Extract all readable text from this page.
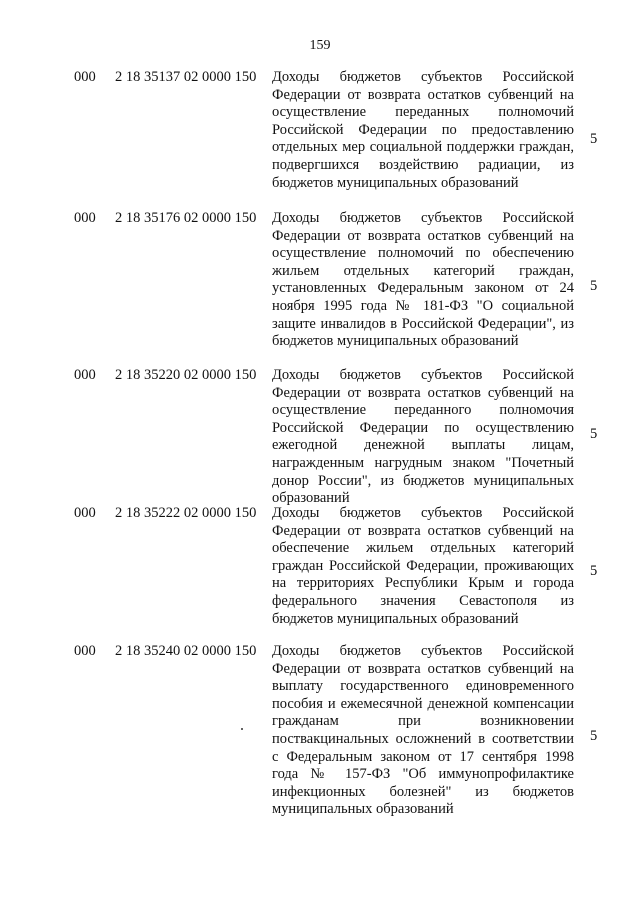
159
000 2 18 35137 02 0000 150 Доходы бюджетов субъектов Российской Федерации от возврата остатков субвенций на осуществление переданных полномочий Российской Федерации по предоставлению отдельных мер социальной поддержки граждан, подвергшихся воздействию радиации, из бюджетов муниципальных образований
5
000 2 18 35176 02 0000 150 Доходы бюджетов субъектов Российской Федерации от возврата остатков субвенций на осуществление полномочий по обеспечению жильем отдельных категорий граждан, установленных Федеральным законом от 24 ноября 1995 года № 181-ФЗ "О социальной защите инвалидов в Российской Федерации", из бюджетов муниципальных образований
5
000 2 18 35220 02 0000 150 Доходы бюджетов субъектов Российской Федерации от возврата остатков субвенций на осуществление переданного полномочия Российской Федерации по осуществлению ежегодной денежной выплаты лицам, награжденным нагрудным знаком "Почетный донор России", из бюджетов муниципальных образований
5
000 2 18 35222 02 0000 150 Доходы бюджетов субъектов Российской Федерации от возврата остатков субвенций на обеспечение жильем отдельных категорий граждан Российской Федерации, проживающих на территориях Республики Крым и города федерального значения Севастополя из бюджетов муниципальных образований
5
000 2 18 35240 02 0000 150 Доходы бюджетов субъектов Российской Федерации от возврата остатков субвенций на выплату государственного единовременного пособия и ежемесячной денежной компенсации гражданам при возникновении поствакцинальных осложнений в соответствии с Федеральным законом от 17 сентября 1998 года № 157-ФЗ "Об иммунопрофилактике инфекционных болезней" из бюджетов муниципальных образований
5
